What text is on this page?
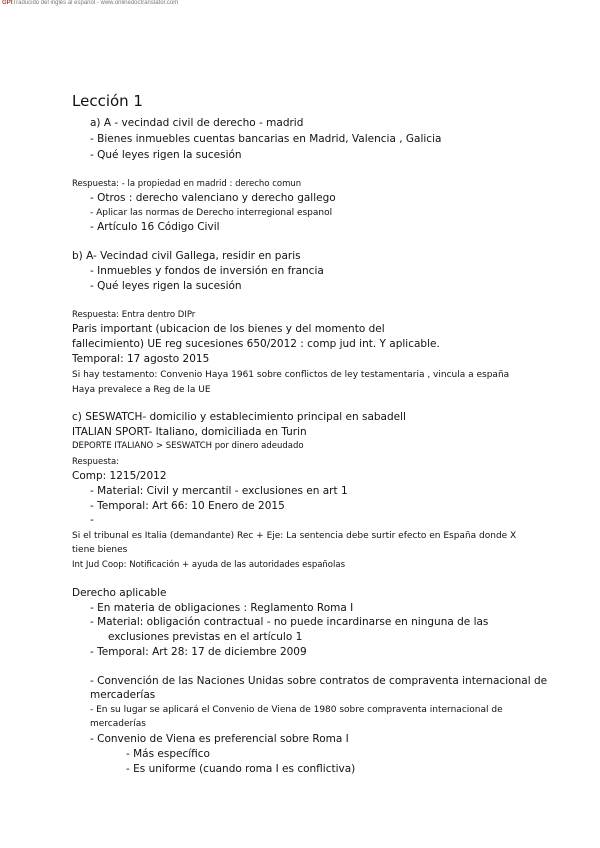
GPtTraducido del inglés al español - www.onlinedoctranslator.com
Lección 1
a) A - vecindad civil de derecho - madrid
- Bienes inmuebles cuentas bancarias en Madrid, Valencia , Galicia
- Qué leyes rigen la sucesión
Respuesta: - la propiedad en madrid : derecho comun
- Otros : derecho valenciano y derecho gallego
- Aplicar las normas de Derecho interregional espanol
- Artículo 16 Código Civil
b) A- Vecindad civil Gallega, residir en paris
- Inmuebles y fondos de inversión en francia
- Qué leyes rigen la sucesión
Respuesta: Entra dentro DIPr
Paris important (ubicacion de los bienes y del momento del
fallecimiento) UE reg sucesiones 650/2012 : comp jud int. Y aplicable.
Temporal: 17 agosto 2015
Si hay testamento: Convenio Haya 1961 sobre conflictos de ley testamentaria , vincula a españa
Haya prevalece a Reg de la UE
c) SESWATCH- domicilio y establecimiento principal en sabadell
ITALIAN SPORT- Italiano, domiciliada en Turin
DEPORTE ITALIANO > SESWATCH por dinero adeudado
Respuesta:
Comp: 1215/2012
- Material: Civil y mercantil - exclusiones en art 1
- Temporal: Art 66: 10 Enero de 2015
-
Si el tribunal es Italia (demandante) Rec + Eje: La sentencia debe surtir efecto en España donde X
tiene bienes
Int Jud Coop: Notificación + ayuda de las autoridades españolas
Derecho aplicable
- En materia de obligaciones : Reglamento Roma I
- Material: obligación contractual - no puede incardinarse en ninguna de las
exclusiones previstas en el artículo 1
- Temporal: Art 28: 17 de diciembre 2009
- Convención de las Naciones Unidas sobre contratos de compraventa internacional de
mercaderías
- En su lugar se aplicará el Convenio de Viena de 1980 sobre compraventa internacional de
mercaderías
- Convenio de Viena es preferencial sobre Roma I
- Más específico
- Es uniforme (cuando roma I es conflictiva)
